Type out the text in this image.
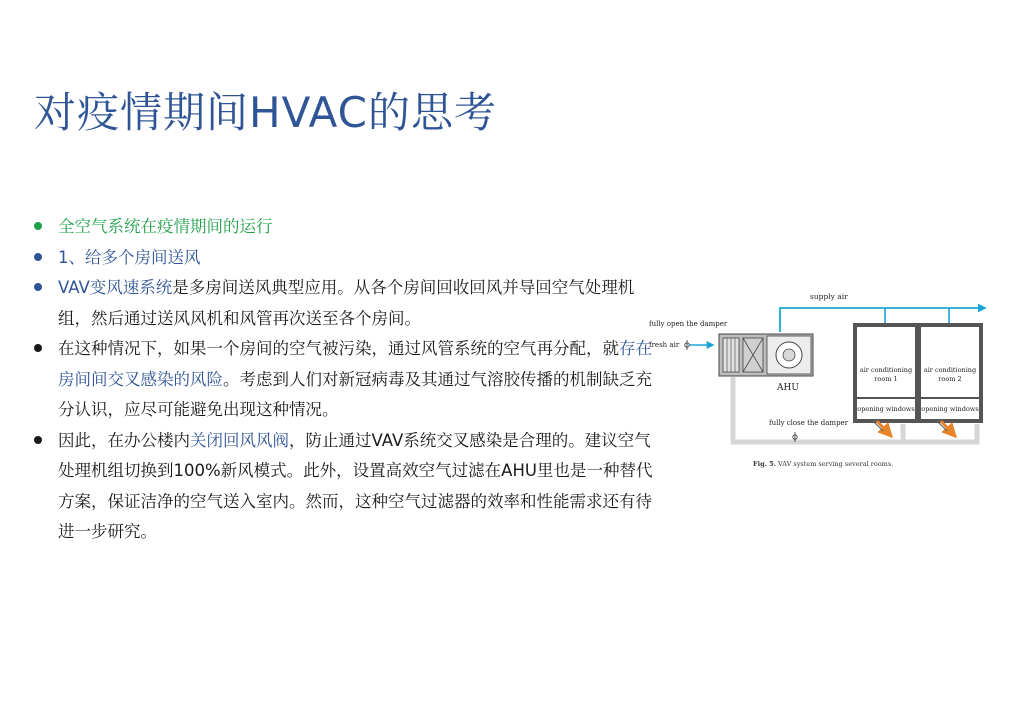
对疫情期间HVAC的思考
全空气系统在疫情期间的运行
1、给多个房间送风
VAV变风速系统是多房间送风典型应用。从各个房间回收回风并导回空气处理机组，然后通过送风风机和风管再次送至各个房间。
在这种情况下，如果一个房间的空气被污染，通过风管系统的空气再分配，就存在房间间交叉感染的风险。考虑到人们对新冠病毒及其通过气溶胶传播的机制缺乏充分认识，应尽可能避免出现这种情况。
因此，在办公楼内关闭回风风阀，防止通过VAV系统交叉感染是合理的。建议空气处理机组切换到100%新风模式。此外，设置高效空气过滤在AHU里也是一种替代方案，保证洁净的空气送入室内。然而，这种空气过滤器的效率和性能需求还有待进一步研究。
supply air
fully open the damper
fresh air
AHU
air conditioning
room 1
air conditioning
room 2
opening windows opening windows
fully close the damper
Fig. 5. VAV system serving several rooms.
